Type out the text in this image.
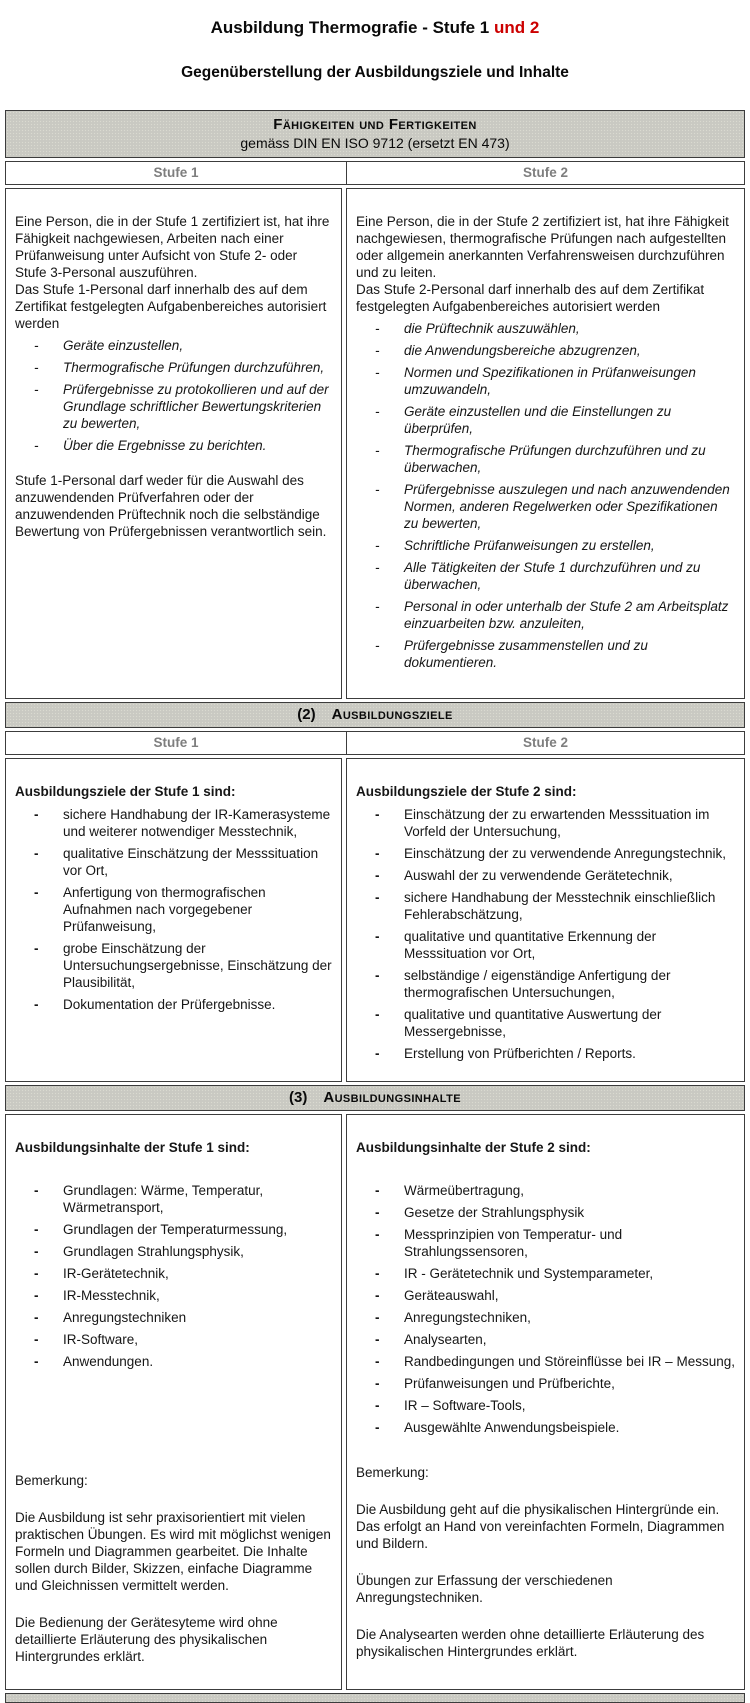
Ausbildung Thermografie - Stufe 1 und 2
Gegenüberstellung der Ausbildungsziele und Inhalte
Fähigkeiten und Fertigkeiten
gemäss DIN EN ISO 9712 (ersetzt EN 473)
Stufe 1	Stufe 2

Eine Person, die in der Stufe 1 zertifiziert ist, hat ihre Fähigkeit nachgewiesen, Arbeiten nach einer Prüfanweisung unter Aufsicht von Stufe 2- oder Stufe 3-Personal auszuführen.

Das Stufe 1-Personal darf innerhalb des auf dem Zertifikat festgelegten Aufgabenbereiches autorisiert werden

-
Geräte einzustellen,
-
Thermografische Prüfungen durchzuführen,
-
Prüfergebnisse zu protokollieren und auf der Grundlage schriftlicher Bewertungskriterien zu bewerten,
-
Über die Ergebnisse zu berichten.

Stufe 1-Personal darf weder für die Auswahl des anzuwendenden Prüfverfahren oder der anzuwendenden Prüftechnik noch die selbständige Bewertung von Prüfergebnissen verantwortlich sein.

Eine Person, die in der Stufe 2 zertifiziert ist, hat ihre Fähigkeit nachgewiesen, thermografische Prüfungen nach aufgestellten oder allgemein anerkannten Verfahrensweisen durchzuführen und zu leiten.

Das Stufe 2-Personal darf innerhalb des auf dem Zertifikat festgelegten Aufgabenbereiches autorisiert werden

-
die Prüftechnik auszuwählen,
-
die Anwendungsbereiche abzugrenzen,
-
Normen und Spezifikationen in Prüfanweisungen umzuwandeln,
-
Geräte einzustellen und die Einstellungen zu überprüfen,
-
Thermografische Prüfungen durchzuführen und zu überwachen,
-
Prüfergebnisse auszulegen und nach anzuwendenden Normen, anderen Regelwerken oder Spezifikationen zu bewerten,
-
Schriftliche Prüfanweisungen zu erstellen,
-
Alle Tätigkeiten der Stufe 1 durchzuführen und zu überwachen,
-
Personal in oder unterhalb der Stufe 2 am Arbeitsplatz einzuarbeiten bzw. anzuleiten,
-
Prüfergebnisse zusammenstellen und zu dokumentieren.
(2) Ausbildungsziele
Stufe 1	Stufe 2
Ausbildungsziele der Stufe 1 sind:
-
sichere Handhabung der IR-Kamerasysteme und weiterer notwendiger Messtechnik,
-
qualitative Einschätzung der Messsituation vor Ort,
-
Anfertigung von thermografischen Aufnahmen nach vorgegebener Prüfanweisung,
-
grobe Einschätzung der Untersuchungsergebnisse, Einschätzung der Plausibilität,
-
Dokumentation der Prüfergebnisse.
Ausbildungsziele der Stufe 2 sind:
-
Einschätzung der zu erwartenden Messsituation im Vorfeld der Untersuchung,
-
Einschätzung der zu verwendende Anregungstechnik,
-
Auswahl der zu verwendende Gerätetechnik,
-
sichere Handhabung der Messtechnik einschließlich Fehlerabschätzung,
-
qualitative und quantitative Erkennung der Messsituation vor Ort,
-
selbständige / eigenständige Anfertigung der thermografischen Untersuchungen,
-
qualitative und quantitative Auswertung der Messergebnisse,
-
Erstellung von Prüfberichten / Reports.
(3) Ausbildungsinhalte
Ausbildungsinhalte der Stufe 1 sind:
-
Grundlagen: Wärme, Temperatur, Wärmetransport,
-
Grundlagen der Temperaturmessung,
-
Grundlagen Strahlungsphysik,
-
IR-Gerätetechnik,
-
IR-Messtechnik,
-
Anregungstechniken
-
IR-Software,
-
Anwendungen.
Bemerkung:

Die Ausbildung ist sehr praxisorientiert mit vielen praktischen Übungen. Es wird mit möglichst wenigen Formeln und Diagrammen gearbeitet. Die Inhalte sollen durch Bilder, Skizzen, einfache Diagramme und Gleichnissen vermittelt werden.

Die Bedienung der Gerätesyteme wird ohne detaillierte Erläuterung des physikalischen Hintergrundes erklärt.

Ausbildungsinhalte der Stufe 2 sind:
-
Wärmeübertragung,
-
Gesetze der Strahlungsphysik
-
Messprinzipien von Temperatur- und Strahlungssensoren,
-
IR - Gerätetechnik und Systemparameter,
-
Geräteauswahl,
-
Anregungstechniken,
-
Analysearten,
-
Randbedingungen und Störeinflüsse bei IR – Messung,
-
Prüfanweisungen und Prüfberichte,
-
IR – Software-Tools,
-
Ausgewählte Anwendungsbeispiele.
Bemerkung:

Die Ausbildung geht auf die physikalischen Hintergründe ein. Das erfolgt an Hand von vereinfachten Formeln, Diagrammen und Bildern.

Übungen zur Erfassung der verschiedenen Anregungstechniken.

Die Analysearten werden ohne detaillierte Erläuterung des physikalischen Hintergrundes erklärt.
